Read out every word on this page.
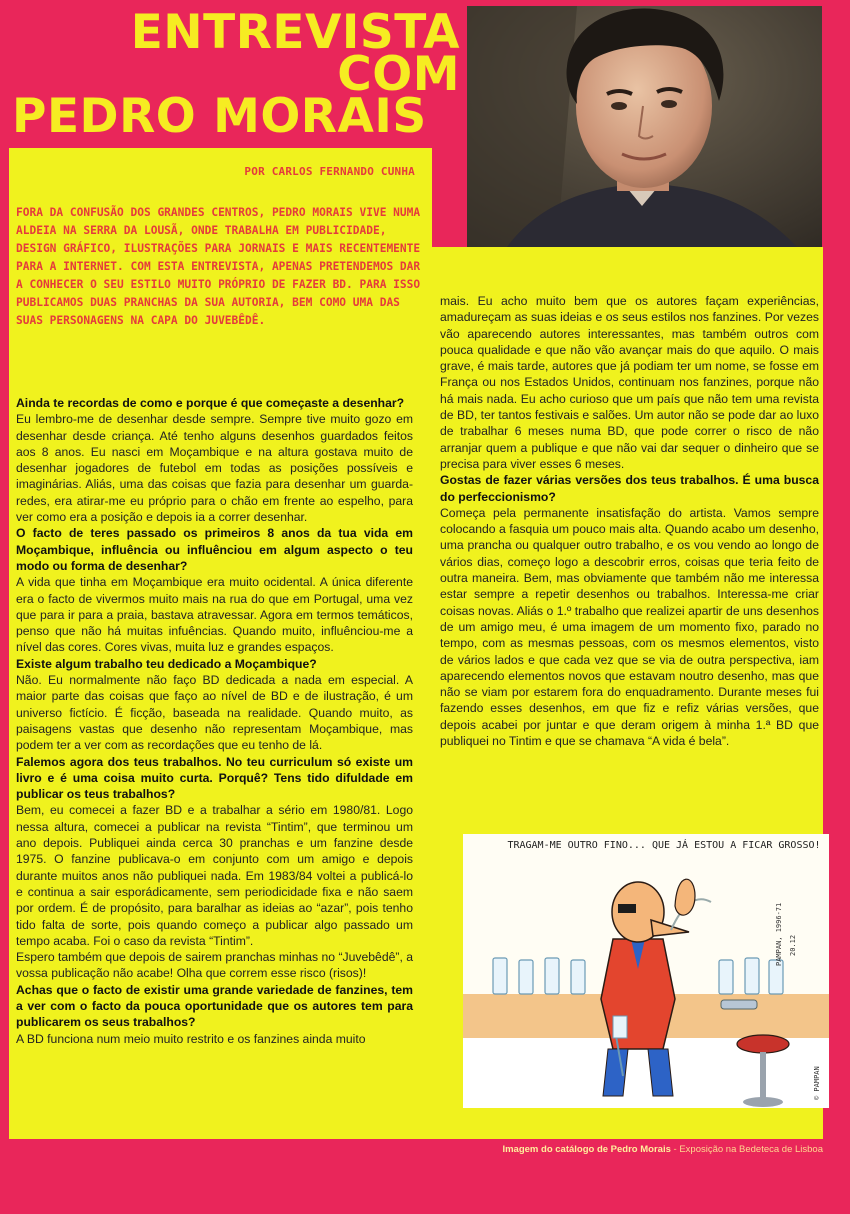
ENTREVISTA
COM
PEDRO MORAIS

POR CARLOS FERNANDO CUNHA

FORA DA CONFUSÃO DOS GRANDES CENTROS, PEDRO MORAIS VIVE NUMA ALDEIA NA SERRA DA LOUSÃ, ONDE TRABALHA EM PUBLICIDADE, DESIGN GRÁFICO, ILUSTRAÇÕES PARA JORNAIS E MAIS RECENTEMENTE PARA A INTERNET. COM ESTA ENTREVISTA, APENAS PRETENDEMOS DAR A CONHECER O SEU ESTILO MUITO PRÓPRIO DE FAZER BD. PARA ISSO PUBLICAMOS DUAS PRANCHAS DA SUA AUTORIA, BEM COMO UMA DAS SUAS PERSONAGENS NA CAPA DO JUVEBÊDÊ.

Ainda te recordas de como e porque é que começaste a desenhar?

Eu lembro-me de desenhar desde sempre. Sempre tive muito gozo em desenhar desde criança. Até tenho alguns desenhos guardados feitos aos 8 anos. Eu nasci em Moçambique e na altura gostava muito de desenhar jogadores de futebol em todas as posições possíveis e imaginárias. Aliás, uma das coisas que fazia para desenhar um guarda-redes, era atirar-me eu próprio para o chão em frente ao espelho, para ver como era a posição e depois ia a correr desenhar.

O facto de teres passado os primeiros 8 anos da tua vida em Moçambique, influência ou influênciou em algum aspecto o teu modo ou forma de desenhar?

A vida que tinha em Moçambique era muito ocidental. A única diferente era o facto de vivermos muito mais na rua do que em Portugal, uma vez que para ir para a praia, bastava atravessar. Agora em termos temáticos, penso que não há muitas infuências. Quando muito, influênciou-me a nível das cores. Cores vivas, muita luz e grandes espaços.

Existe algum trabalho teu dedicado a Moçambique?

Não. Eu normalmente não faço BD dedicada a nada em especial. A maior parte das coisas que faço ao nível de BD e de ilustração, é um universo fictício. É ficção, baseada na realidade. Quando muito, as paisagens vastas que desenho não representam Moçambique, mas podem ter a ver com as recordações que eu tenho de lá.

Falemos agora dos teus trabalhos. No teu curriculum só existe um livro e é uma coisa muito curta. Porquê? Tens tido difuldade em publicar os teus trabalhos?

Bem, eu comecei a fazer BD e a trabalhar a sério em 1980/81. Logo nessa altura, comecei a publicar na revista “Tintim”, que terminou um ano depois. Publiquei ainda cerca 30 pranchas e um fanzine desde 1975. O fanzine publicava-o em conjunto com um amigo e depois durante muitos anos não publiquei nada. Em 1983/84 voltei a publicá-lo e continua a sair esporádicamente, sem periodicidade fixa e não saem por ordem. É de propósito, para baralhar as ideias ao “azar”, pois tenho tido falta de sorte, pois quando começo a publicar algo passado um tempo acaba. Foi o caso da revista “Tintim”.

Espero também que depois de sairem pranchas minhas no “Juvebêdê”, a vossa publicação não acabe! Olha que correm esse risco (risos)!

Achas que o facto de existir uma grande variedade de fanzines, tem a ver com o facto da pouca oportunidade que os autores tem para publicarem os seus trabalhos?

A BD funciona num meio muito restrito e os fanzines ainda muito

mais. Eu acho muito bem que os autores façam experiências, amadureçam as suas ideias e os seus estilos nos fanzines. Por vezes vão aparecendo autores interessantes, mas também outros com pouca qualidade e que não vão avançar mais do que aquilo. O mais grave, é mais tarde, autores que já podiam ter um nome, se fosse em França ou nos Estados Unidos, continuam nos fanzines, porque não há mais nada. Eu acho curioso que um país que não tem uma revista de BD, ter tantos festivais e salões. Um autor não se pode dar ao luxo de trabalhar 6 meses numa BD, que pode correr o risco de não arranjar quem a publique e que não vai dar sequer o dinheiro que se precisa para viver esses 6 meses.

Gostas de fazer várias versões dos teus trabalhos. É uma busca do perfeccionismo?

Começa pela permanente insatisfação do artista. Vamos sempre colocando a fasquia um pouco mais alta. Quando acabo um desenho, uma prancha ou qualquer outro trabalho, e os vou vendo ao longo de vários dias, começo logo a descobrir erros, coisas que teria feito de outra maneira. Bem, mas obviamente que também não me interessa estar sempre a repetir desenhos ou trabalhos. Interessa-me criar coisas novas. Aliás o 1.º trabalho que realizei apartir de uns desenhos de um amigo meu, é uma imagem de um momento fixo, parado no tempo, com as mesmas pessoas, com os mesmos elementos, visto de vários lados e que cada vez que se via de outra perspectiva, iam aparecendo elementos novos que estavam noutro desenho, mas que não se viam por estarem fora do enquadramento. Durante meses fui fazendo esses desenhos, em que fiz e refiz várias versões, que depois acabei por juntar e que deram origem à minha 1.ª BD que publiquei no Tintim e que se chamava “A vida é bela”.

TRAGAM-ME OUTRO FINO... QUE JÁ ESTOU A FICAR GROSSO!

PAMPAN, 1996-71 20.12
© PAMPAN

Imagem do catálogo de Pedro Morais - Exposição na Bedeteca de Lisboa
